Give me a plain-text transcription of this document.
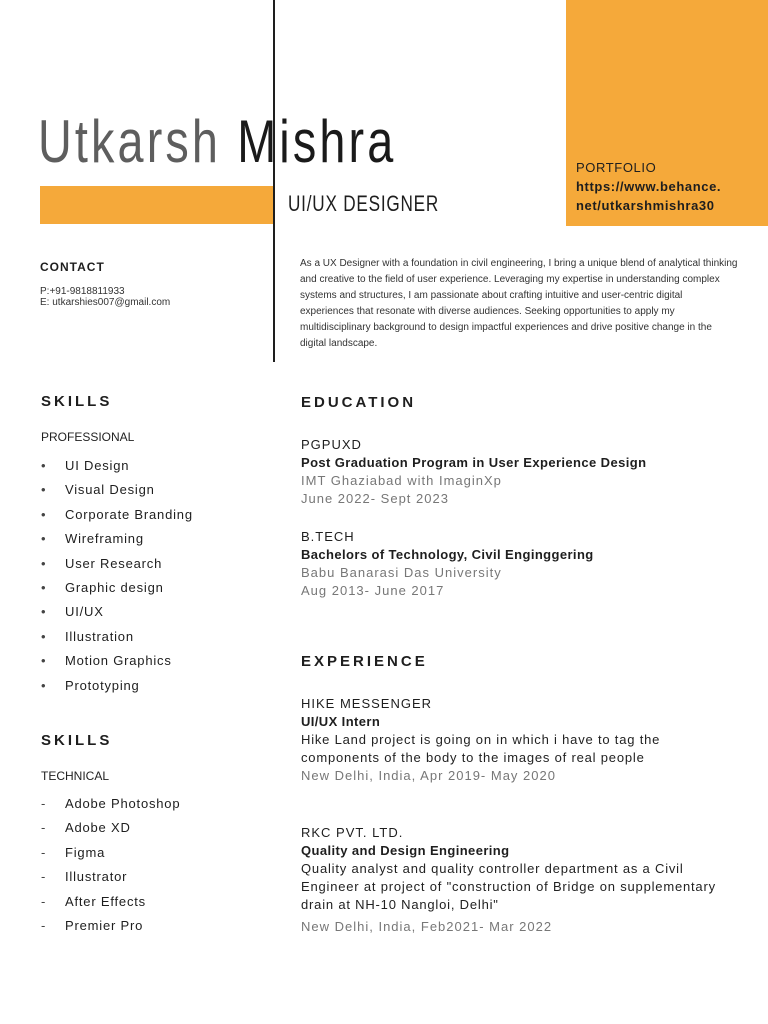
Utkarsh Mishra
UI/UX DESIGNER
PORTFOLIO
https://www.behance.
net/utkarshmishra30
CONTACT
P:+91-9818811933
E: utkarshies007@gmail.com
As a UX Designer with a foundation in civil engineering, I bring a unique blend of analytical thinking and creative to the field of user experience. Leveraging my expertise in understanding complex systems and structures, I am passionate about crafting intuitive and user-centric digital experiences that resonate with diverse audiences. Seeking opportunities to apply my multidisciplinary background to design impactful experiences and drive positive change in the digital landscape.
SKILLS
PROFESSIONAL
• UI Design
• Visual Design
• Corporate Branding
• Wireframing
• User Research
• Graphic design
• UI/UX
• Illustration
• Motion Graphics
• Prototyping
SKILLS
TECHNICAL
- Adobe Photoshop
- Adobe XD
- Figma
- Illustrator
- After Effects
- Premier Pro
EDUCATION
PGPUXD
Post Graduation Program in User Experience Design
IMT Ghaziabad with ImaginXp
June 2022- Sept 2023
B.TECH
Bachelors of Technology, Civil Enginggering
Babu Banarasi Das University
Aug 2013- June 2017
EXPERIENCE
HIKE MESSENGER
UI/UX Intern
Hike Land project is going on in which i have to tag the components of the body to the images of real people
New Delhi, India, Apr 2019- May 2020
RKC PVT. LTD.
Quality and Design Engineering
Quality analyst and quality controller department as a Civil Engineer at project of "construction of Bridge on supplementary drain at NH-10 Nangloi, Delhi"
New Delhi, India, Feb2021- Mar 2022
